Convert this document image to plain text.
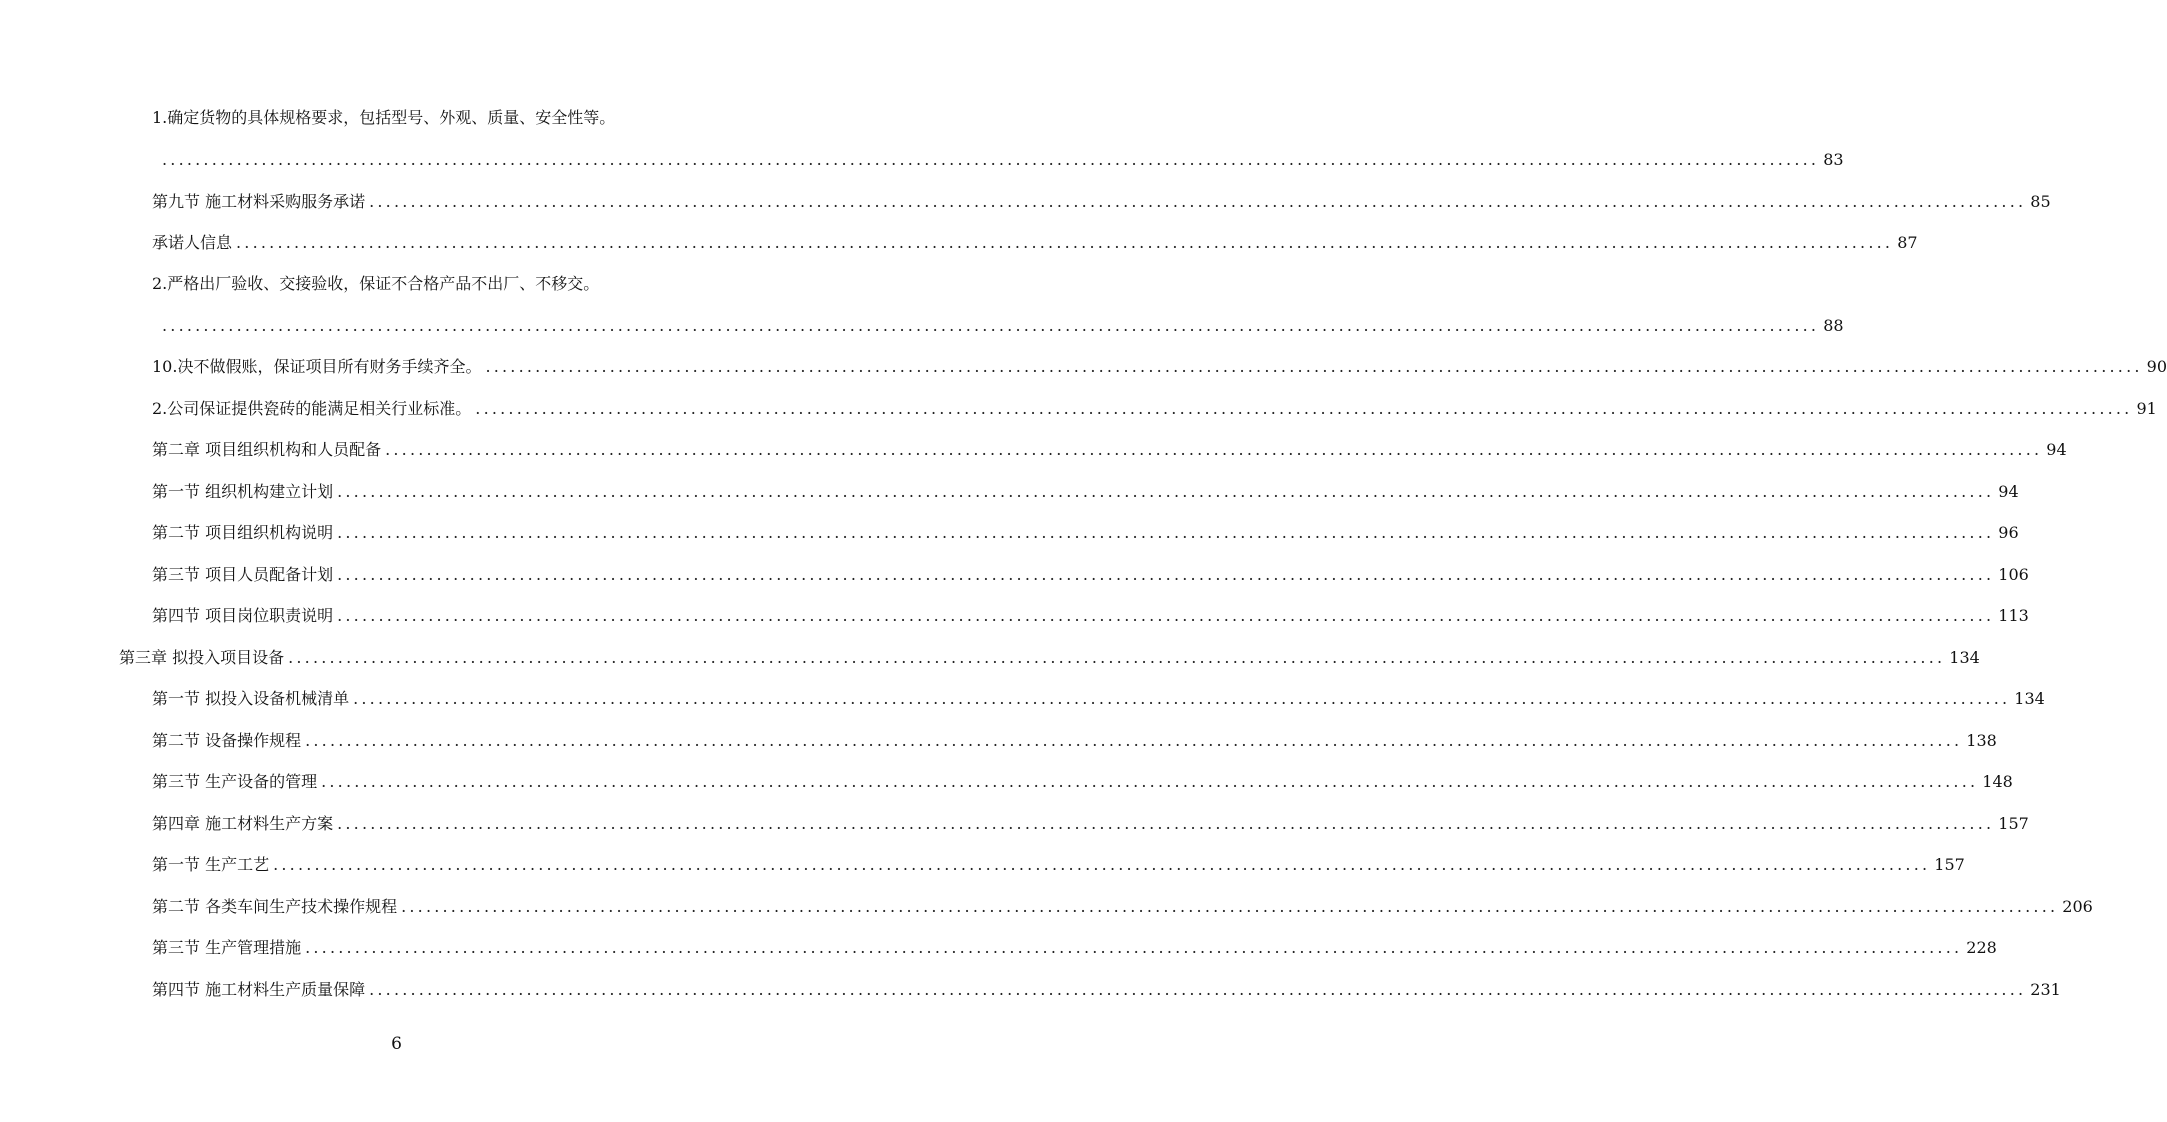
1.确定货物的具体规格要求，包括型号、外观、质量、安全性等。
........................................................................................................................................................................................................ 83
第九节 施工材料采购服务承诺 ........................................................................................................................................................................................................ 85
承诺人信息 ........................................................................................................................................................................................................ 87
2.严格出厂验收、交接验收，保证不合格产品不出厂、不移交。
........................................................................................................................................................................................................ 88
10.决不做假账，保证项目所有财务手续齐全。 ........................................................................................................................................................................................................ 90
2.公司保证提供瓷砖的能满足相关行业标准。 ........................................................................................................................................................................................................ 91
第二章 项目组织机构和人员配备 ........................................................................................................................................................................................................ 94
第一节 组织机构建立计划 ........................................................................................................................................................................................................ 94
第二节 项目组织机构说明 ........................................................................................................................................................................................................ 96
第三节 项目人员配备计划 ........................................................................................................................................................................................................ 106
第四节 项目岗位职责说明 ........................................................................................................................................................................................................ 113
第三章 拟投入项目设备 ........................................................................................................................................................................................................ 134
第一节 拟投入设备机械清单 ........................................................................................................................................................................................................ 134
第二节 设备操作规程 ........................................................................................................................................................................................................ 138
第三节 生产设备的管理 ........................................................................................................................................................................................................ 148
第四章 施工材料生产方案 ........................................................................................................................................................................................................ 157
第一节 生产工艺 ........................................................................................................................................................................................................ 157
第二节 各类车间生产技术操作规程 ........................................................................................................................................................................................................ 206
第三节 生产管理措施 ........................................................................................................................................................................................................ 228
第四节 施工材料生产质量保障 ........................................................................................................................................................................................................ 231
6
